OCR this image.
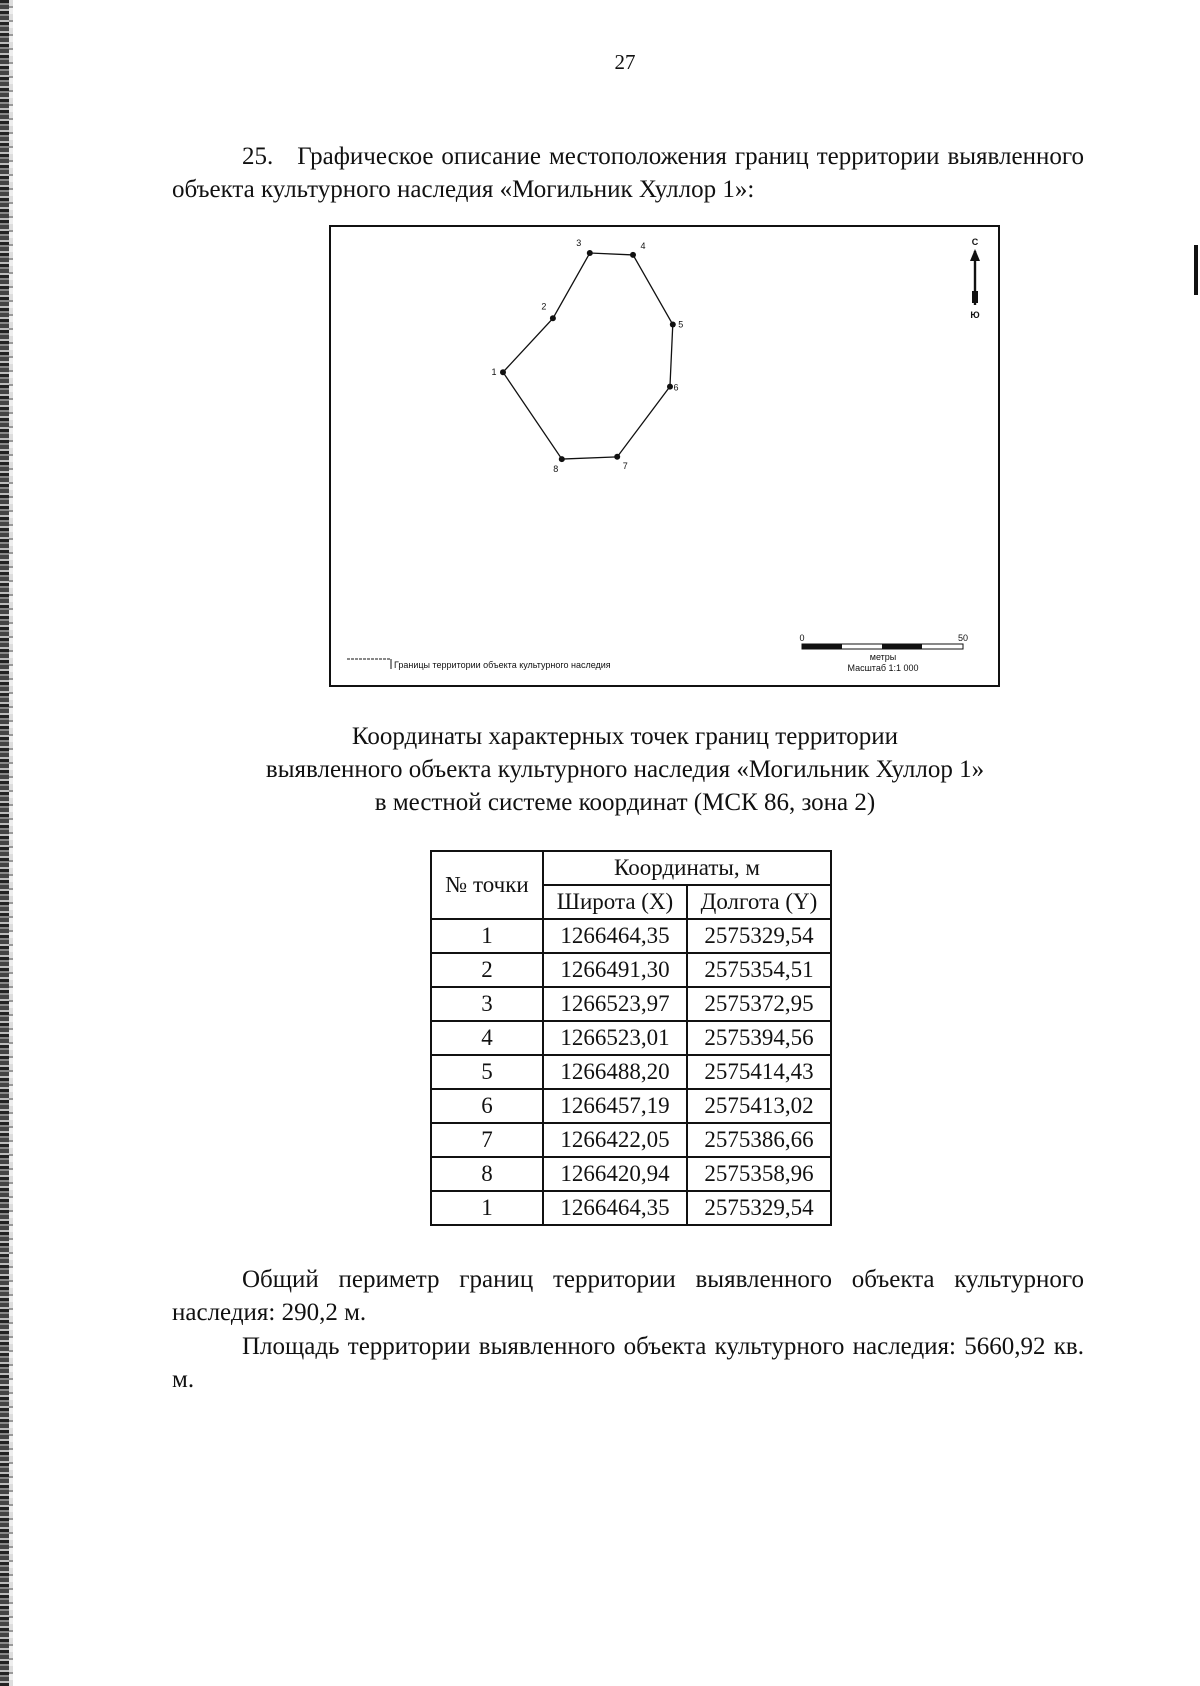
27
25. Графическое описание местоположения границ территории выявленного объекта культурного наследия «Могильник Хуллор 1»:
1
2
3	4
5
6
7
8
С
Ю
Границы территории объекта культурного наследия
0	50
метры
Масштаб 1:1 000
Координаты характерных точек границ территории
выявленного объекта культурного наследия «Могильник Хуллор 1»
в местной системе координат (МСК 86, зона 2)
№ точки	Координаты, м	
	Широта (X)	Долгота (Y)
1	1266464,35	2575329,54
2	1266491,30	2575354,51
3	1266523,97	2575372,95
4	1266523,01	2575394,56
5	1266488,20	2575414,43
6	1266457,19	2575413,02
7	1266422,05	2575386,66
8	1266420,94	2575358,96
1	1266464,35	2575329,54
Общий периметр границ территории выявленного объекта культурного наследия: 290,2 м.
Площадь территории выявленного объекта культурного наследия: 5660,92 кв. м.
